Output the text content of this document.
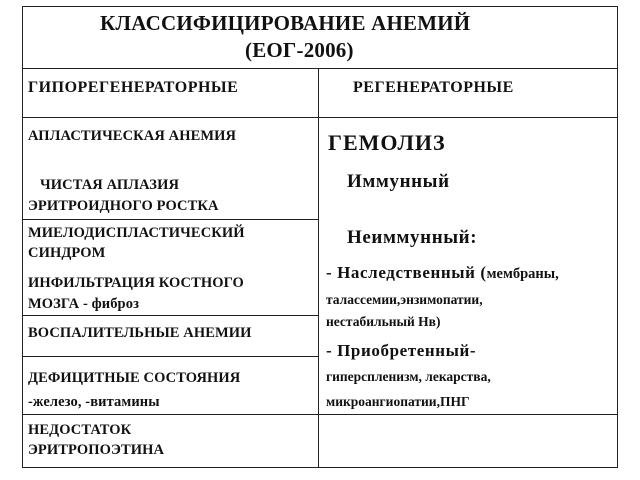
КЛАССИФИЦИРОВАНИЕ АНЕМИЙ
(ЕОГ-2006)
ГИПОРЕГЕНЕРАТОРНЫЕ
АПЛАСТИЧЕСКАЯ АНЕМИЯ
ЧИСТАЯ АПЛАЗИЯ
ЭРИТРОИДНОГО РОСТКА
МИЕЛОДИСПЛАСТИЧЕСКИЙ
СИНДРОМ
ИНФИЛЬТРАЦИЯ КОСТНОГО
МОЗГА - фиброз
ВОСПАЛИТЕЛЬНЫЕ АНЕМИИ
ДЕФИЦИТНЫЕ СОСТОЯНИЯ
-железо, -витамины
НЕДОСТАТОК
ЭРИТРОПОЭТИНА
РЕГЕНЕРАТОРНЫЕ
ГЕМОЛИЗ
Иммунный
Неиммунный:
- Наследственный (мембраны,
талассемии,энзимопатии,
нестабильный Нв)
- Приобретенный-
гиперспленизм, лекарства,
микроангиопатии,ПНГ
